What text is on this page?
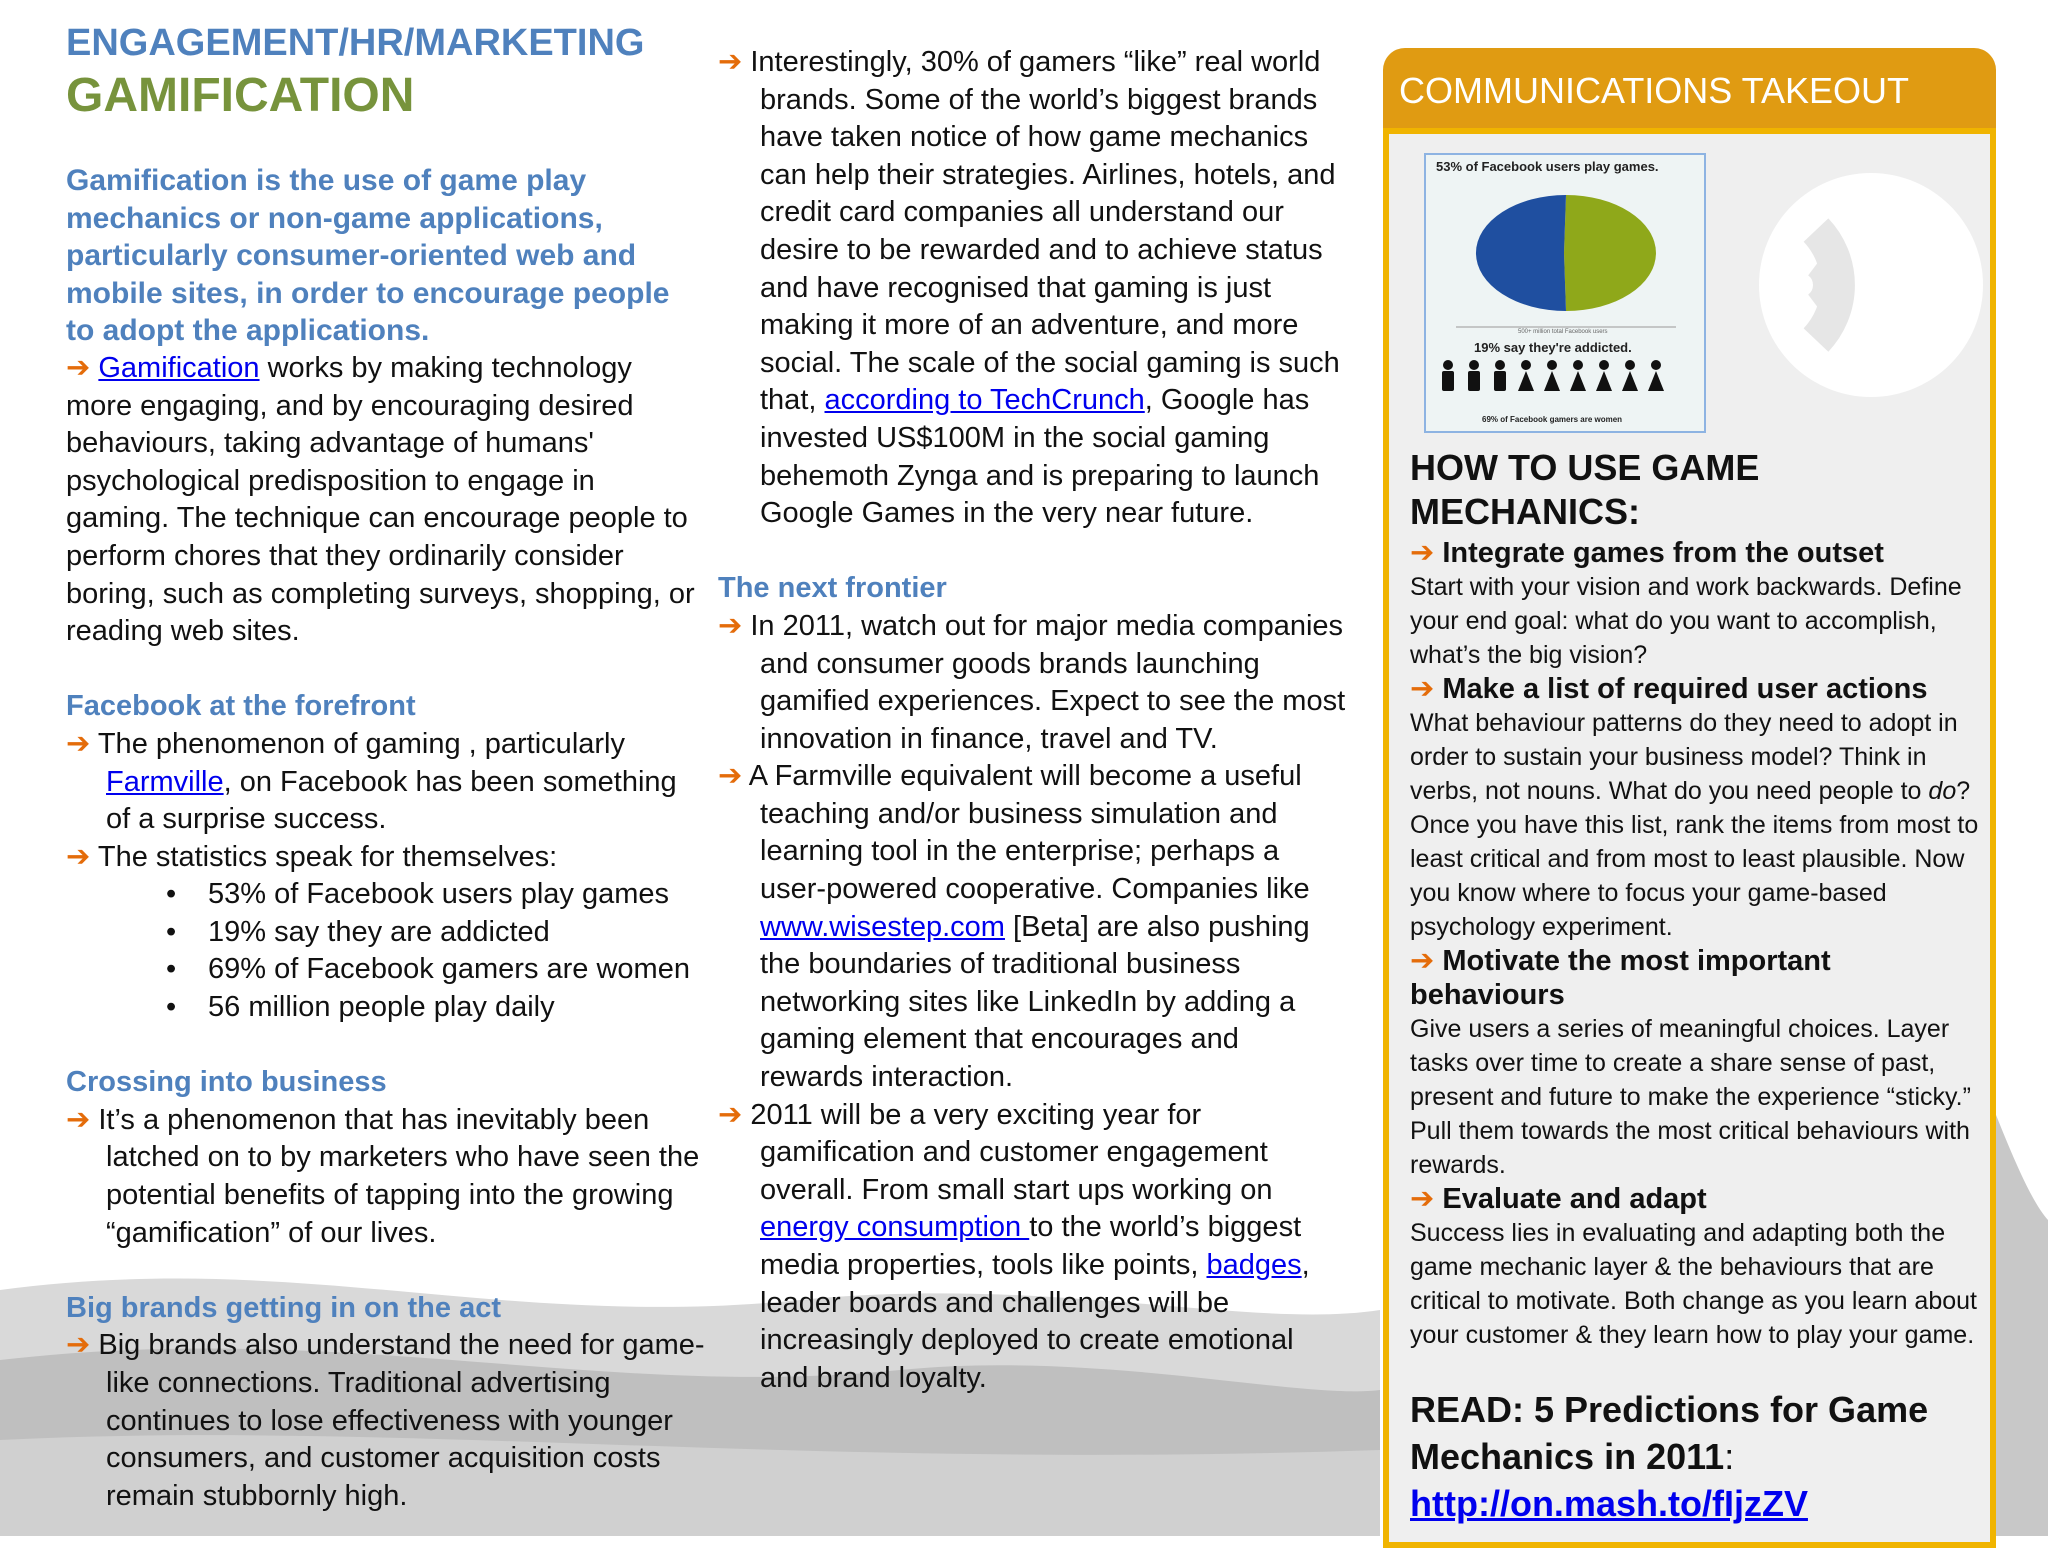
ENGAGEMENT/HR/MARKETING
GAMIFICATION

Gamification is the use of game play mechanics or non-game applications, particularly consumer-oriented web and mobile sites, in order to encourage people to adopt the applications.

➔ Gamification works by making technology more engaging, and by encouraging desired behaviours, taking advantage of humans' psychological predisposition to engage in gaming. The technique can encourage people to perform chores that they ordinarily consider boring, such as completing surveys, shopping, or reading web sites.

Facebook at the forefront

➔ The phenomenon of gaming , particularly Farmville, on Facebook has been something of a surprise success.

➔ The statistics speak for themselves:

• 53% of Facebook users play games
• 19% say they are addicted
• 69% of Facebook gamers are women
• 56 million people play daily

Crossing into business

➔ It’s a phenomenon that has inevitably been latched on to by marketers who have seen the potential benefits of tapping into the growing “gamification” of our lives.

Big brands getting in on the act

➔ Big brands also understand the need for game-like connections. Traditional advertising continues to lose effectiveness with younger consumers, and customer acquisition costs remain stubbornly high.

➔ Interestingly, 30% of gamers “like” real world brands. Some of the world’s biggest brands have taken notice of how game mechanics can help their strategies. Airlines, hotels, and credit card companies all understand our desire to be rewarded and to achieve status and have recognised that gaming is just making it more of an adventure, and more social. The scale of the social gaming is such that, according to TechCrunch, Google has invested US$100M in the social gaming behemoth Zynga and is preparing to launch Google Games in the very near future.

The next frontier

➔ In 2011, watch out for major media companies and consumer goods brands launching gamified experiences. Expect to see the most innovation in finance, travel and TV.

➔ A Farmville equivalent will become a useful teaching and/or business simulation and learning tool in the enterprise; perhaps a user-powered cooperative. Companies like www.wisestep.com [Beta] are also pushing the boundaries of traditional business networking sites like LinkedIn by adding a gaming element that encourages and rewards interaction.

➔ 2011 will be a very exciting year for gamification and customer engagement overall. From small start ups working on energy consumption to the world’s biggest media properties, tools like points, badges, leader boards and challenges will be increasingly deployed to create emotional and brand loyalty.

COMMUNICATIONS TAKEOUT
53% of Facebook users play games.
500+ million total Facebook users
19% say they're addicted.
69% of Facebook gamers are women
HOW TO USE GAME MECHANICS:
➔ Integrate games from the outset
Start with your vision and work backwards. Define your end goal: what do you want to accomplish, what’s the big vision?
➔ Make a list of required user actions
What behaviour patterns do they need to adopt in order to sustain your business model? Think in verbs, not nouns. What do you need people to do? Once you have this list, rank the items from most to least critical and from most to least plausible. Now you know where to focus your game-based psychology experiment.
➔ Motivate the most important behaviours
Give users a series of meaningful choices. Layer tasks over time to create a share sense of past, present and future to make the experience “sticky.” Pull them towards the most critical behaviours with rewards.
➔ Evaluate and adapt
Success lies in evaluating and adapting both the game mechanic layer & the behaviours that are critical to motivate. Both change as you learn about your customer & they learn how to play your game.
READ: 5 Predictions for Game Mechanics in 2011:
http://on.mash.to/fIjzZV
